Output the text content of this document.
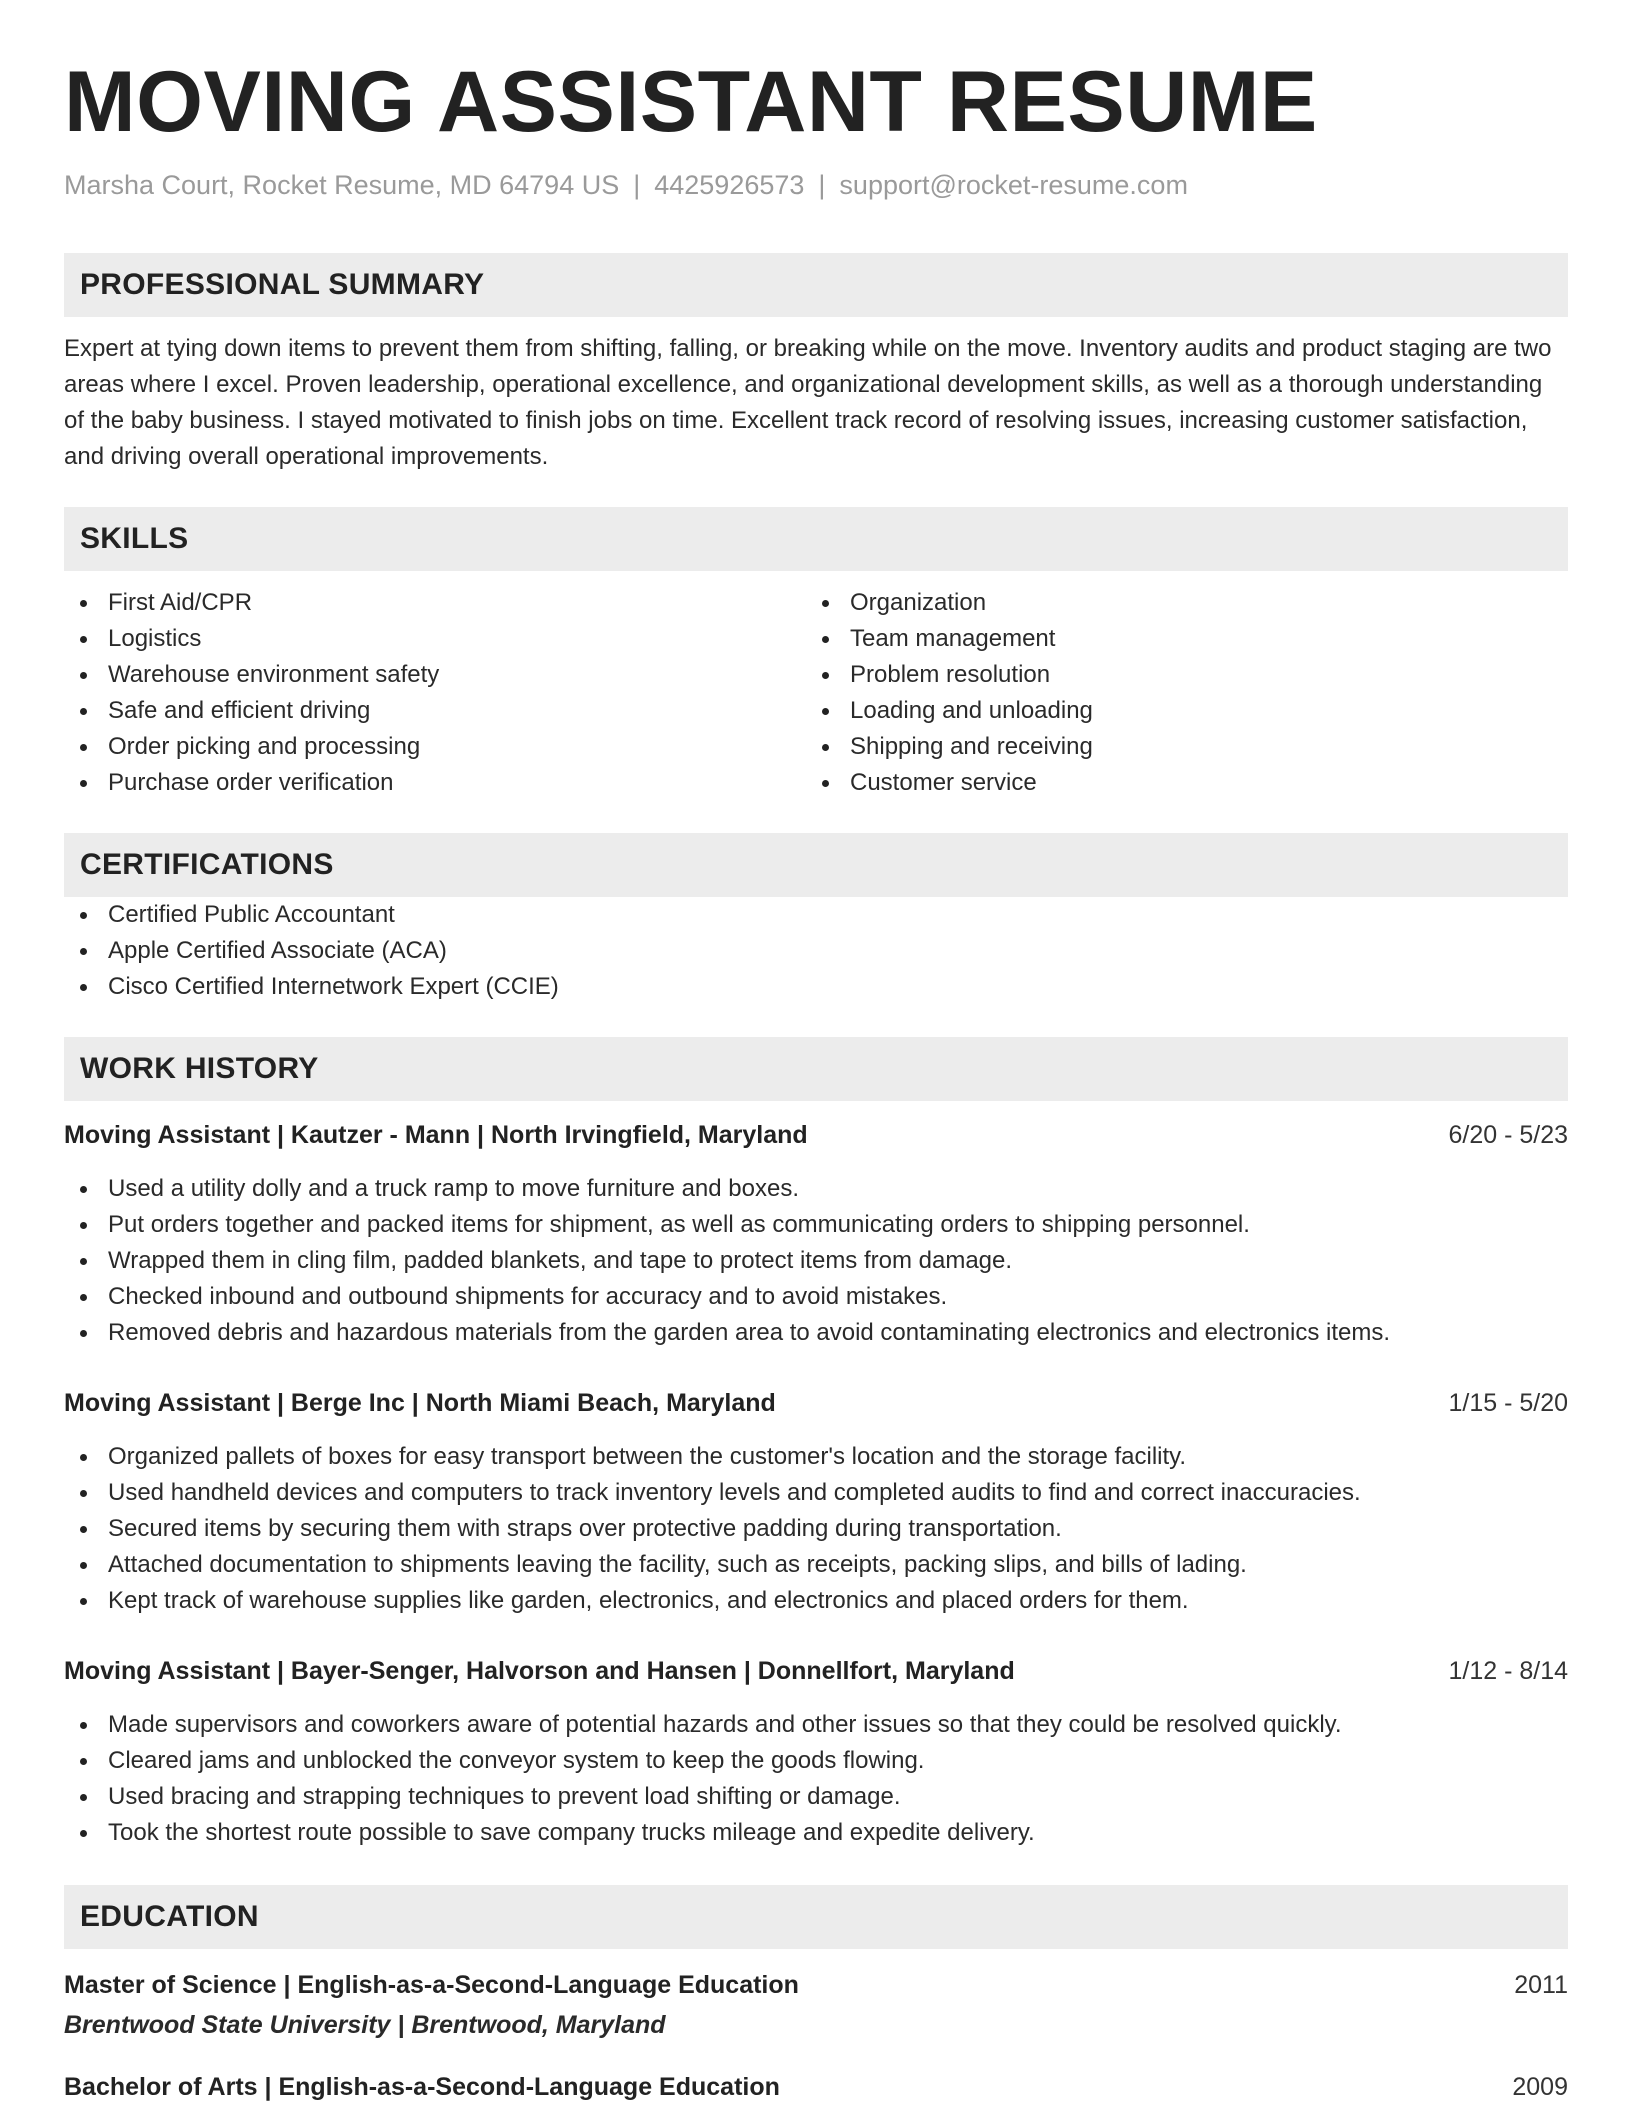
MOVING ASSISTANT RESUME
Marsha Court, Rocket Resume, MD 64794 US | 4425926573 | support@rocket-resume.com
PROFESSIONAL SUMMARY

Expert at tying down items to prevent them from shifting, falling, or breaking while on the move. Inventory audits and product staging are two areas where I excel. Proven leadership, operational excellence, and organizational development skills, as well as a thorough understanding of the baby business. I stayed motivated to finish jobs on time. Excellent track record of resolving issues, increasing customer satisfaction, and driving overall operational improvements.

SKILLS
First Aid/CPR
Logistics
Warehouse environment safety
Safe and efficient driving
Order picking and processing
Purchase order verification
Organization
Team management
Problem resolution
Loading and unloading
Shipping and receiving
Customer service
CERTIFICATIONS
Certified Public Accountant
Apple Certified Associate (ACA)
Cisco Certified Internetwork Expert (CCIE)
WORK HISTORY
Moving Assistant | Kautzer - Mann | North Irvingfield, Maryland	6/20 - 5/23
Used a utility dolly and a truck ramp to move furniture and boxes.
Put orders together and packed items for shipment, as well as communicating orders to shipping personnel.
Wrapped them in cling film, padded blankets, and tape to protect items from damage.
Checked inbound and outbound shipments for accuracy and to avoid mistakes.
Removed debris and hazardous materials from the garden area to avoid contaminating electronics and electronics items.
Moving Assistant | Berge Inc | North Miami Beach, Maryland	1/15 - 5/20
Organized pallets of boxes for easy transport between the customer's location and the storage facility.
Used handheld devices and computers to track inventory levels and completed audits to find and correct inaccuracies.
Secured items by securing them with straps over protective padding during transportation.
Attached documentation to shipments leaving the facility, such as receipts, packing slips, and bills of lading.
Kept track of warehouse supplies like garden, electronics, and electronics and placed orders for them.
Moving Assistant | Bayer-Senger, Halvorson and Hansen | Donnellfort, Maryland	1/12 - 8/14
Made supervisors and coworkers aware of potential hazards and other issues so that they could be resolved quickly.
Cleared jams and unblocked the conveyor system to keep the goods flowing.
Used bracing and strapping techniques to prevent load shifting or damage.
Took the shortest route possible to save company trucks mileage and expedite delivery.
EDUCATION
Master of Science | English-as-a-Second-Language Education	2011
Brentwood State University | Brentwood, Maryland
Bachelor of Arts | English-as-a-Second-Language Education	2009
